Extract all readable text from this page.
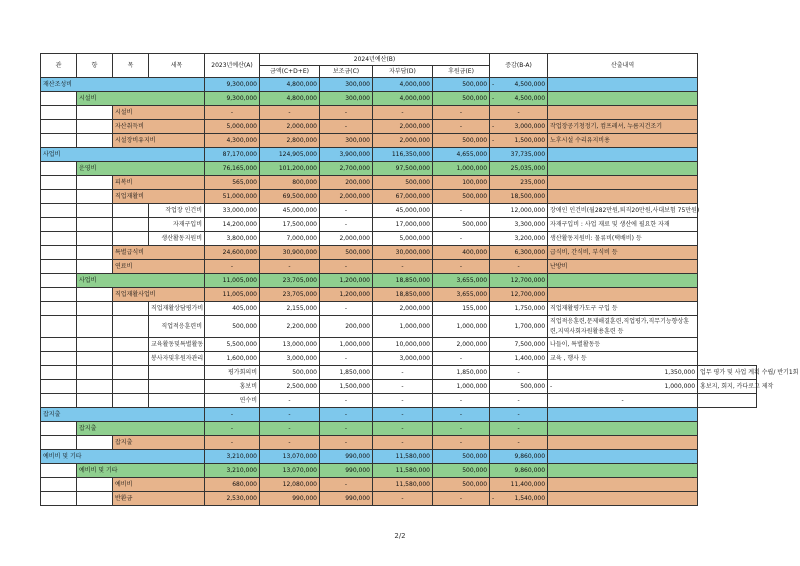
관	항	목	세목	2023년예산(A)	2024년예산(B)				증감(B-A)	산출내역	
					금액(C+D+E)	보조금(C)	자부담(D)	후원금(E)			
재산조성비				9,300,000	4,800,000	300,000	4,000,000	500,000	- 4,500,000		
	시설비			9,300,000	4,800,000	300,000	4,000,000	500,000	- 4,500,000		
		시설비		-	-	-	-	-	-		
		자산취득비		5,000,000	2,000,000	-	2,000,000	-	- 3,000,000	작업장공기청정기, 컴프레셔, 누름지건조기	
		시설장비유지비		4,300,000	2,800,000	300,000	2,000,000	500,000	- 1,500,000	노후시설 수리유지비용	
사업비				87,170,000	124,905,000	3,900,000	116,350,000	4,655,000	37,735,000		
	운영비			76,165,000	101,200,000	2,700,000	97,500,000	1,000,000	25,035,000		
		피복비		565,000	800,000	200,000	500,000	100,000	235,000		
		직업재활비		51,000,000	69,500,000	2,000,000	67,000,000	500,000	18,500,000		
			작업장 인건비	33,000,000	45,000,000	-	45,000,000	-	12,000,000	장애인 인건비(월282만원,퇴직20만원,사대보험 75만원)	
			자재구입비	14,200,000	17,500,000	-	17,000,000	500,000	3,300,000	자재구입비 : 사업 재료 및 생산에 필요한 자재	
			생산활동지원비	3,800,000	7,000,000	2,000,000	5,000,000	-	3,200,000	생산활동지원비: 물류비(택배비) 등	
		특별급식비		24,600,000	30,900,000	500,000	30,000,000	400,000	6,300,000	급식비, 간식비, 부식비 등	
		연료비		-	-	-	-	-	-	난방비	
	사업비			11,005,000	23,705,000	1,200,000	18,850,000	3,655,000	12,700,000		
		직업재활사업비		11,005,000	23,705,000	1,200,000	18,850,000	3,655,000	12,700,000		
			직업재활상담평가비	405,000	2,155,000	-	2,000,000	155,000	1,750,000	직업재활평가도구 구입 등	
			직업적응훈련비	500,000	2,200,000	200,000	1,000,000	1,000,000	1,700,000	직업적응훈련,문제해결훈련,직업평가,직무기능향상훈련,지역사회자원활용훈련 등	
			교육활동및특별활동	5,500,000	13,000,000	1,000,000	10,000,000	2,000,000	7,500,000	나들이, 특별활동등	
			봉사자및후원자관리	1,600,000	3,000,000	-	3,000,000	-	1,400,000	교육 , 행사 등	
				평가회의비	500,000	1,850,000	-	1,850,000	-	1,350,000	업무 평가 및 사업 계획 수립/ 반기1회
				홍보비	2,500,000	1,500,000	-	1,000,000	500,000	- 1,000,000	홍보지, 회지, 카다로그 제작
				연수비	-	-	-	-	-	-	
잡지출				-	-	-	-	-	-		
	잡지출			-	-	-	-	-	-		
		잡지출		-	-	-	-	-	-		
예비비 및 기타				3,210,000	13,070,000	990,000	11,580,000	500,000	9,860,000	

	예비비 및 기타			3,210,000	13,070,000	990,000	11,580,000	500,000	9,860,000	

		예비비		680,000	12,080,000	-	11,580,000	500,000	11,400,000		
		반환금		2,530,000	990,000	990,000	-	-	- 1,540,000		
2/2
